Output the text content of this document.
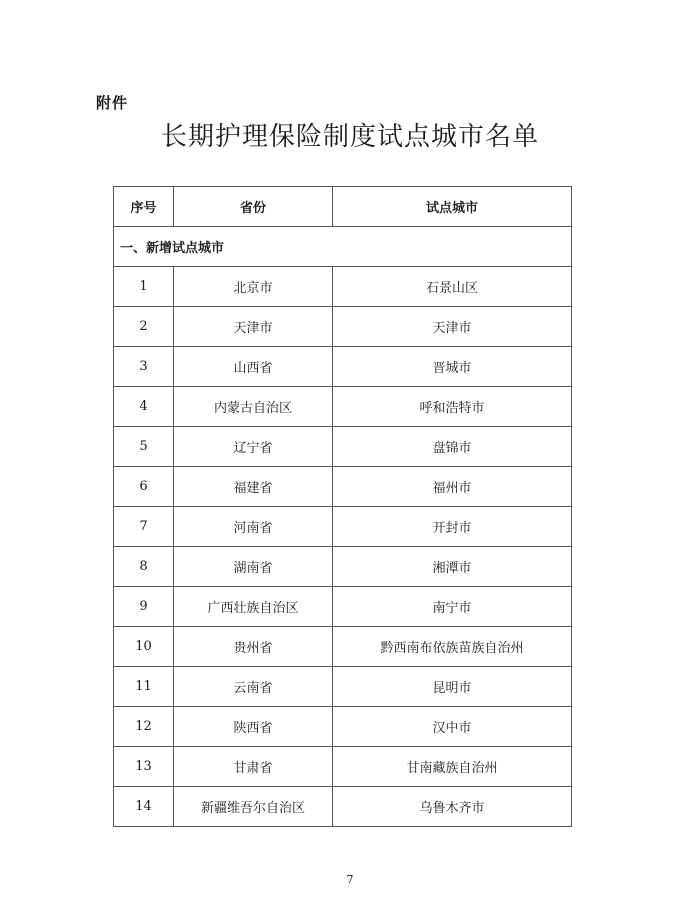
附件
长期护理保险制度试点城市名单
序号	省份	试点城市
一、新增试点城市		
1	北京市	石景山区
2	天津市	天津市
3	山西省	晋城市
4	内蒙古自治区	呼和浩特市
5	辽宁省	盘锦市
6	福建省	福州市
7	河南省	开封市
8	湖南省	湘潭市
9	广西壮族自治区	南宁市
10	贵州省	黔西南布依族苗族自治州
11	云南省	昆明市
12	陕西省	汉中市
13	甘肃省	甘南藏族自治州
14	新疆维吾尔自治区	乌鲁木齐市
7
